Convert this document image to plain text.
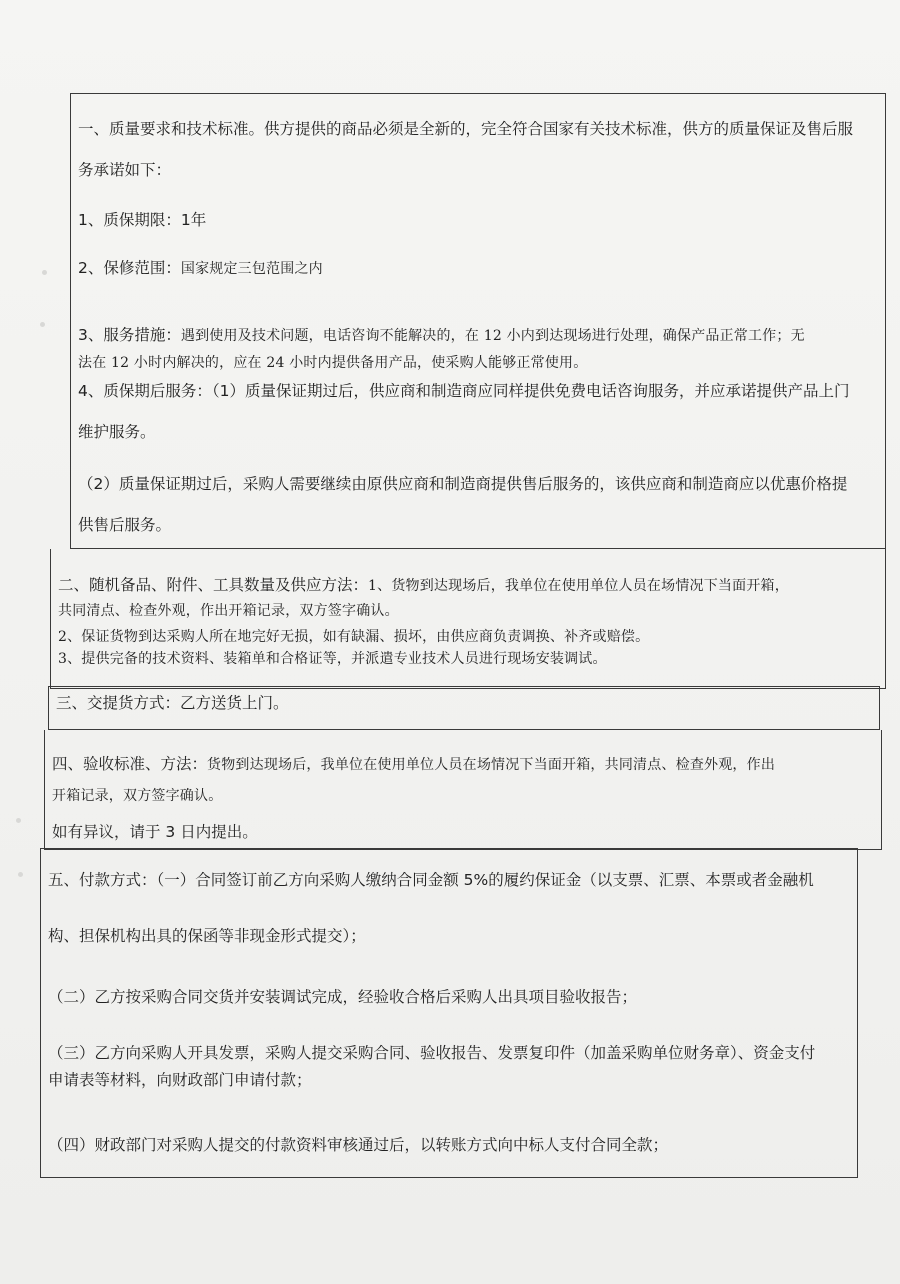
一、质量要求和技术标准。供方提供的商品必须是全新的，完全符合国家有关技术标准，供方的质量保证及售后服
务承诺如下：
1、质保期限：1年
2、保修范围：国家规定三包范围之内
3、服务措施：遇到使用及技术问题，电话咨询不能解决的，在 12 小内到达现场进行处理，确保产品正常工作；无
法在 12 小时内解决的，应在 24 小时内提供备用产品，使采购人能够正常使用。
4、质保期后服务：（1）质量保证期过后，供应商和制造商应同样提供免费电话咨询服务，并应承诺提供产品上门
维护服务。
（2）质量保证期过后，采购人需要继续由原供应商和制造商提供售后服务的，该供应商和制造商应以优惠价格提
供售后服务。
二、随机备品、附件、工具数量及供应方法：1、货物到达现场后，我单位在使用单位人员在场情况下当面开箱，
共同清点、检查外观，作出开箱记录，双方签字确认。
2、保证货物到达采购人所在地完好无损，如有缺漏、损坏，由供应商负责调换、补齐或赔偿。
3、提供完备的技术资料、装箱单和合格证等，并派遣专业技术人员进行现场安装调试。
三、交提货方式：乙方送货上门。
四、验收标准、方法：货物到达现场后，我单位在使用单位人员在场情况下当面开箱，共同清点、检查外观，作出
开箱记录，双方签字确认。
如有异议，请于 3 日内提出。
五、付款方式：（一）合同签订前乙方向采购人缴纳合同金额 5%的履约保证金（以支票、汇票、本票或者金融机
构、担保机构出具的保函等非现金形式提交）；
（二）乙方按采购合同交货并安装调试完成，经验收合格后采购人出具项目验收报告；
（三）乙方向采购人开具发票，采购人提交采购合同、验收报告、发票复印件（加盖采购单位财务章）、资金支付
申请表等材料，向财政部门申请付款；
（四）财政部门对采购人提交的付款资料审核通过后，以转账方式向中标人支付合同全款；
